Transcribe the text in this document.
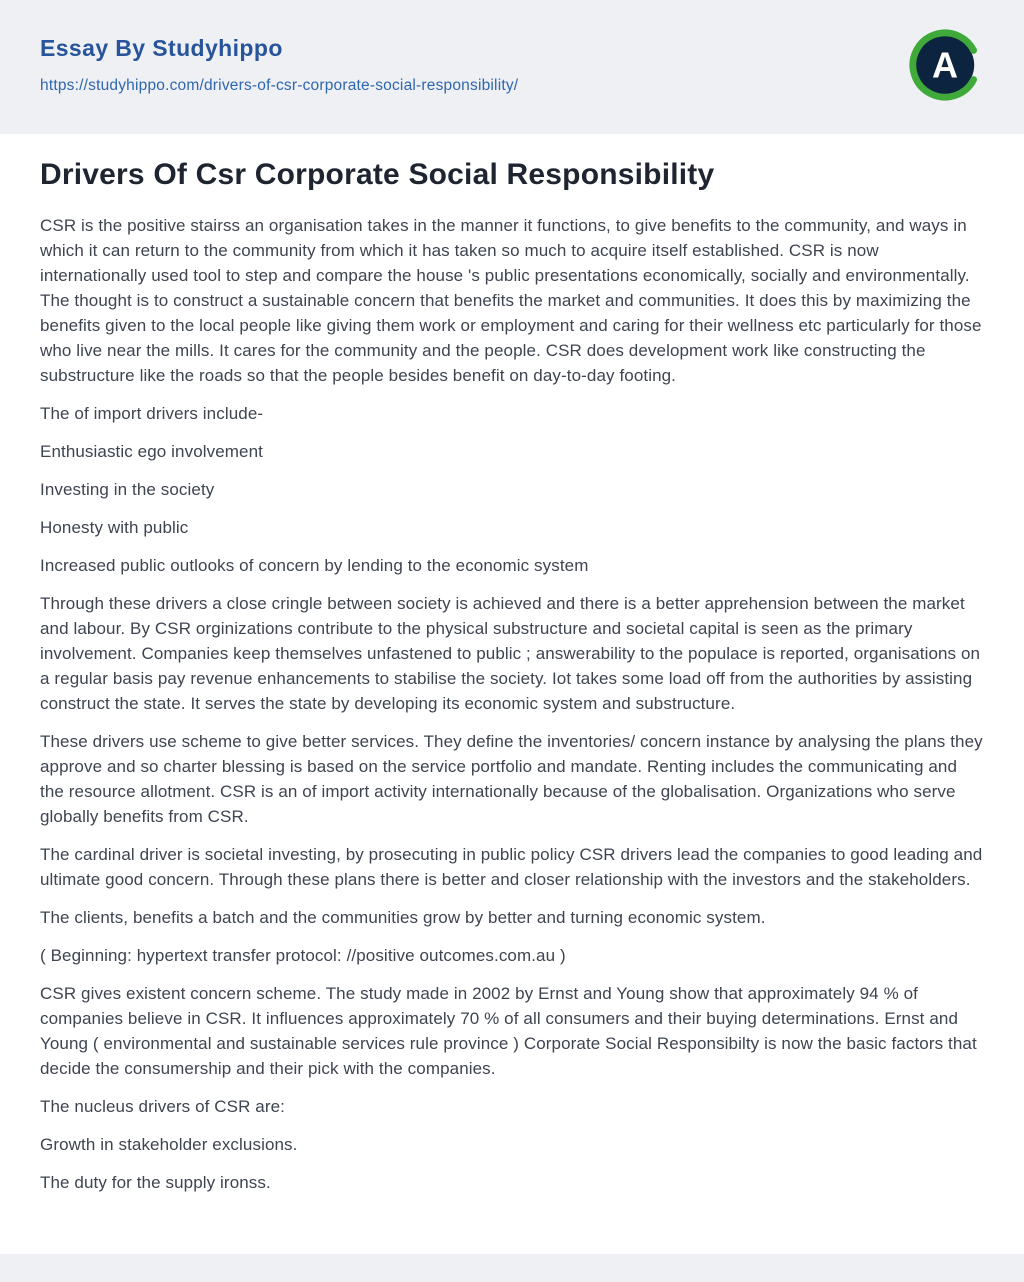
Essay By Studyhippo
https://studyhippo.com/drivers-of-csr-corporate-social-responsibility/	A
Drivers Of Csr Corporate Social Responsibility

CSR is the positive stairss an organisation takes in the manner it functions, to give benefits to the community, and ways in which it can return to the community from which it has taken so much to acquire itself established. CSR is now internationally used tool to step and compare the house 's public presentations economically, socially and environmentally. The thought is to construct a sustainable concern that benefits the market and communities. It does this by maximizing the benefits given to the local people like giving them work or employment and caring for their wellness etc particularly for those who live near the mills. It cares for the community and the people. CSR does development work like constructing the substructure like the roads so that the people besides benefit on day-to-day footing.

The of import drivers include-

Enthusiastic ego involvement

Investing in the society

Honesty with public

Increased public outlooks of concern by lending to the economic system

Through these drivers a close cringle between society is achieved and there is a better apprehension between the market and labour. By CSR orginizations contribute to the physical substructure and societal capital is seen as the primary involvement. Companies keep themselves unfastened to public ; answerability to the populace is reported, organisations on a regular basis pay revenue enhancements to stabilise the society. Iot takes some load off from the authorities by assisting construct the state. It serves the state by developing its economic system and substructure.

These drivers use scheme to give better services. They define the inventories/ concern instance by analysing the plans they approve and so charter blessing is based on the service portfolio and mandate. Renting includes the communicating and the resource allotment. CSR is an of import activity internationally because of the globalisation. Organizations who serve globally benefits from CSR.

The cardinal driver is societal investing, by prosecuting in public policy CSR drivers lead the companies to good leading and ultimate good concern. Through these plans there is better and closer relationship with the investors and the stakeholders.

The clients, benefits a batch and the communities grow by better and turning economic system.

( Beginning: hypertext transfer protocol: //positive outcomes.com.au )

CSR gives existent concern scheme. The study made in 2002 by Ernst and Young show that approximately 94 % of companies believe in CSR. It influences approximately 70 % of all consumers and their buying determinations. Ernst and Young ( environmental and sustainable services rule province ) Corporate Social Responsibilty is now the basic factors that decide the consumership and their pick with the companies.

The nucleus drivers of CSR are:

Growth in stakeholder exclusions.

The duty for the supply ironss.
